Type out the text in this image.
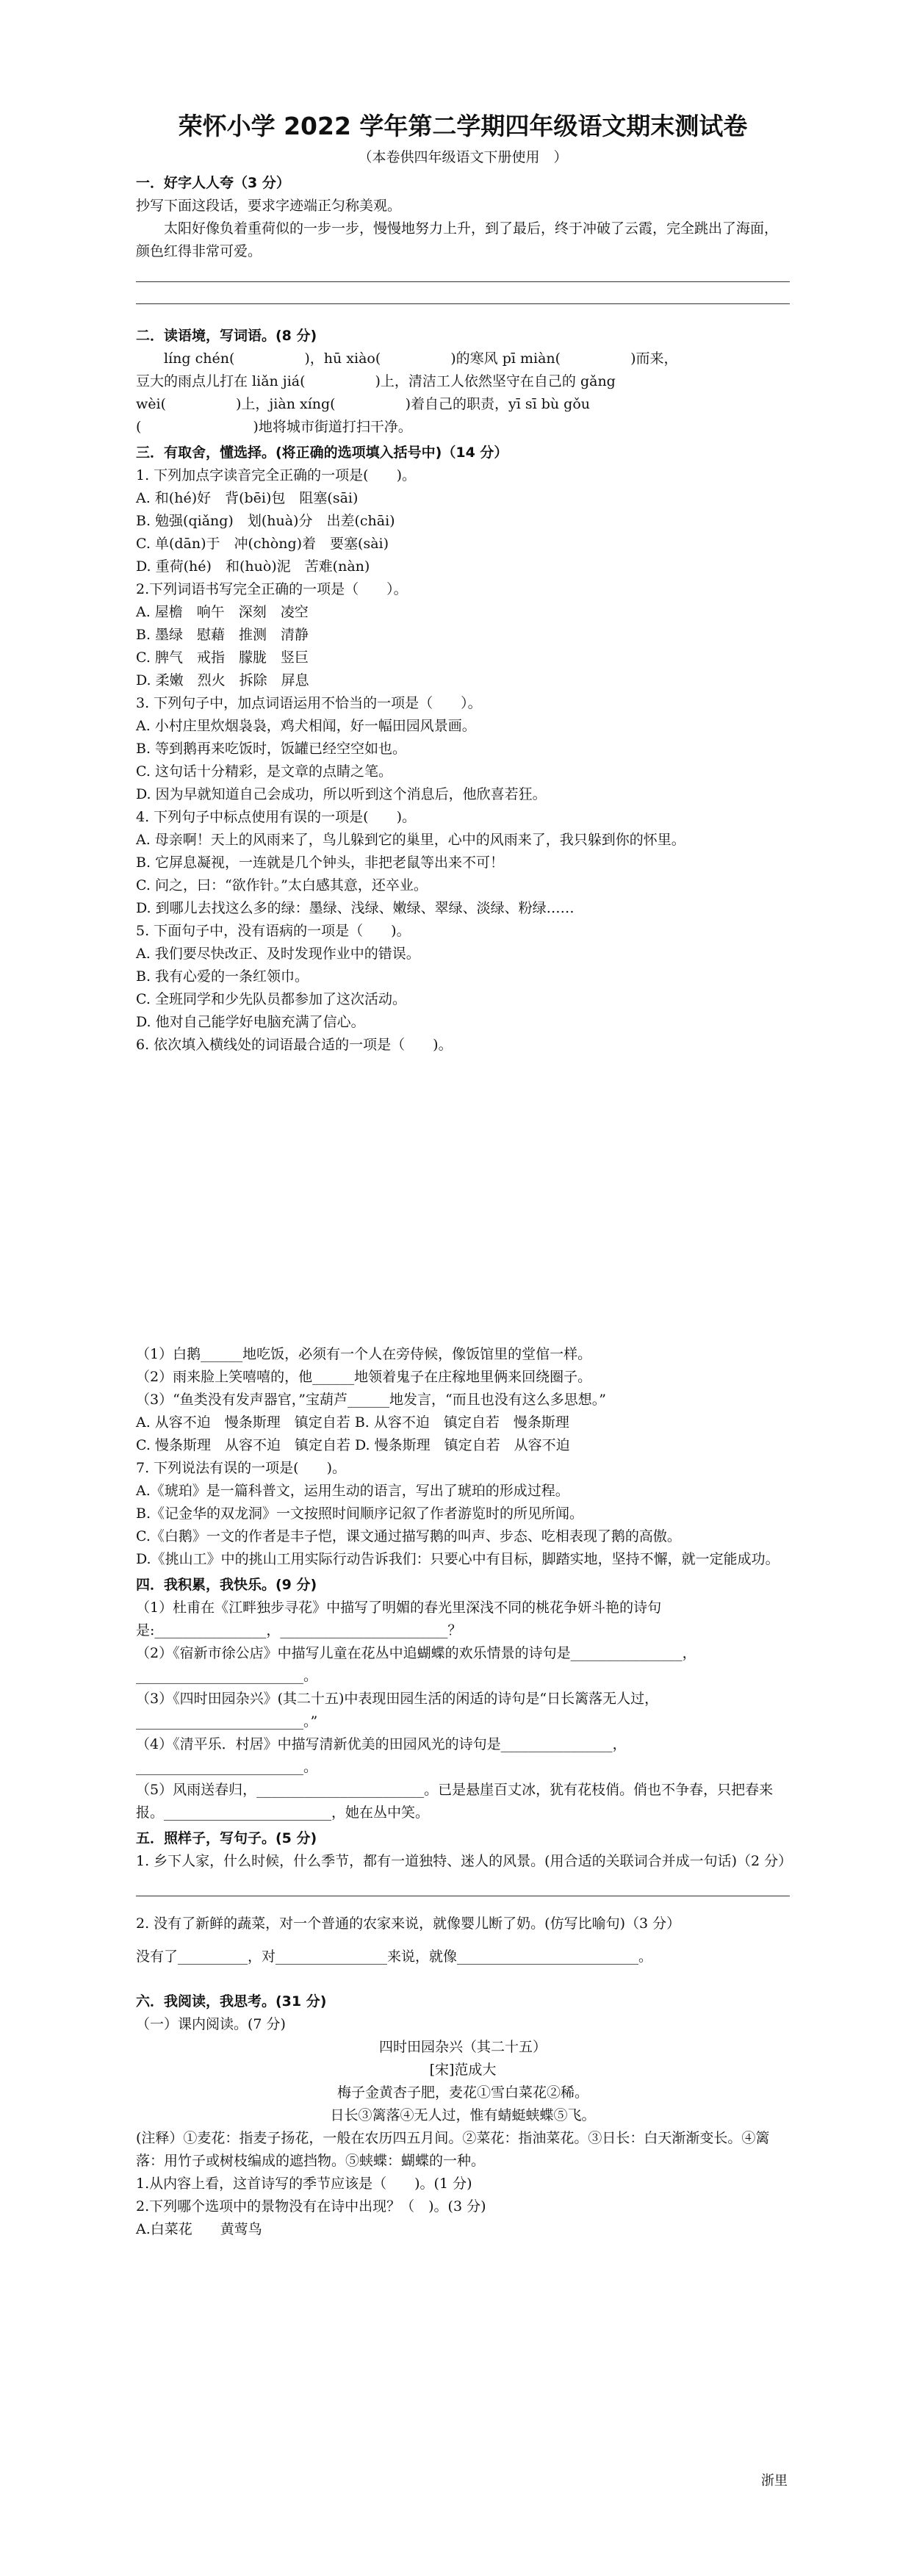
荣怀小学 2022 学年第二学期四年级语文期末测试卷
（本卷供四年级语文下册使用　）
一．好字人人夸（3 分）
抄写下面这段话，要求字迹端正匀称美观。
太阳好像负着重荷似的一步一步，慢慢地努力上升，到了最后，终于冲破了云霞，完全跳出了海面，颜色红得非常可爱。
二．读语境，写词语。(8 分)
líng chén(　　　　　)，hū xiào(　　　　　)的寒风 pī miàn(　　　　　)而来，
豆大的雨点儿打在 liǎn jiá(　　　　　)上，清洁工人依然坚守在自己的 gǎng
wèi(　　　　　)上，jiàn xíng(　　　　　)着自己的职责，yī sī bù gǒu
(　　　　　　　　)地将城市街道打扫干净。
三．有取舍，懂选择。(将正确的选项填入括号中)（14 分）
1. 下列加点字读音完全正确的一项是(　　)。
A. 和(hé)好　背(bēi)包　阻塞(sāi)
B. 勉强(qiǎng)　划(huà)分　出差(chāi)
C. 单(dān)于　冲(chòng)着　要塞(sài)
D. 重荷(hé)　和(huò)泥　苦难(nàn)
2.下列词语书写完全正确的一项是（　　）。
A. 屋檐　响午　深刻　凌空
B. 墨绿　慰藉　推测　清静
C. 脾气　戒指　朦胧　竖巨
D. 柔嫩　烈火　拆除　屏息
3. 下列句子中，加点词语运用不恰当的一项是（　　）。
A. 小村庄里炊烟袅袅，鸡犬相闻，好一幅田园风景画。
B. 等到鹅再来吃饭时，饭罐已经空空如也。
C. 这句话十分精彩，是文章的点睛之笔。
D. 因为早就知道自己会成功，所以听到这个消息后，他欣喜若狂。
4. 下列句子中标点使用有误的一项是(　　)。
A. 母亲啊！天上的风雨来了，鸟儿躲到它的巢里，心中的风雨来了，我只躲到你的怀里。
B. 它屏息凝视，一连就是几个钟头，非把老鼠等出来不可！
C. 问之，曰：“欲作针。”太白感其意，还卒业。
D. 到哪儿去找这么多的绿：墨绿、浅绿、嫩绿、翠绿、淡绿、粉绿……
5. 下面句子中，没有语病的一项是（　　)。
A. 我们要尽快改正、及时发现作业中的错误。
B. 我有心爱的一条红领巾。
C. 全班同学和少先队员都参加了这次活动。
D. 他对自己能学好电脑充满了信心。
6. 依次填入横线处的词语最合适的一项是（　　)。
（1）白鹅______地吃饭，必须有一个人在旁侍候，像饭馆里的堂倌一样。
（2）雨来脸上笑嘻嘻的，他______地领着鬼子在庄稼地里俩来回绕圈子。
（3）“鱼类没有发声器官，”宝葫芦______地发言，“而且也没有这么多思想。”
A. 从容不迫　慢条斯理　镇定自若 B. 从容不迫　镇定自若　慢条斯理
C. 慢条斯理　从容不迫　镇定自若 D. 慢条斯理　镇定自若　从容不迫
7. 下列说法有误的一项是(　　)。
A.《琥珀》是一篇科普文，运用生动的语言，写出了琥珀的形成过程。
B.《记金华的双龙洞》一文按照时间顺序记叙了作者游览时的所见所闻。
C.《白鹅》一文的作者是丰子恺，课文通过描写鹅的叫声、步态、吃相表现了鹅的高傲。
D.《挑山工》中的挑山工用实际行动告诉我们：只要心中有目标，脚踏实地，坚持不懈，就一定能成功。
四．我积累，我快乐。(9 分)
（1）杜甫在《江畔独步寻花》中描写了明媚的春光里深浅不同的桃花争妍斗艳的诗句是:________________，________________________？
（2）《宿新市徐公店》中描写儿童在花丛中追蝴蝶的欢乐情景的诗句是________________，________________________。
（3）《四时田园杂兴》(其二十五)中表现田园生活的闲适的诗句是“日长篱落无人过，________________________。”
（4）《清平乐．村居》中描写清新优美的田园风光的诗句是________________，________________________。
（5）风雨送春归，________________________。已是悬崖百丈冰，犹有花枝俏。俏也不争春，只把春来报。________________________，她在丛中笑。
五．照样子，写句子。(5 分)
1. 乡下人家，什么时候，什么季节，都有一道独特、迷人的风景。(用合适的关联词合并成一句话)（2 分）
2. 没有了新鲜的蔬菜，对一个普通的农家来说，就像婴儿断了奶。(仿写比喻句)（3 分）
没有了__________，对________________来说，就像__________________________。
六．我阅读，我思考。(31 分)
（一）课内阅读。(7 分)
四时田园杂兴（其二十五）
[宋]范成大
梅子金黄杏子肥，麦花①雪白菜花②稀。
日长③篱落④无人过，惟有蜻蜓蛱蝶⑤飞。
(注释）①麦花：指麦子扬花，一般在农历四五月间。②菜花：指油菜花。③日长：白天渐渐变长。④篱落：用竹子或树枝编成的遮挡物。⑤蛱蝶：蝴蝶的一种。
1.从内容上看，这首诗写的季节应该是（　　)。(1 分)
2.下列哪个选项中的景物没有在诗中出现？（　)。(3 分)
A.白菜花　　黄莺鸟
浙里
